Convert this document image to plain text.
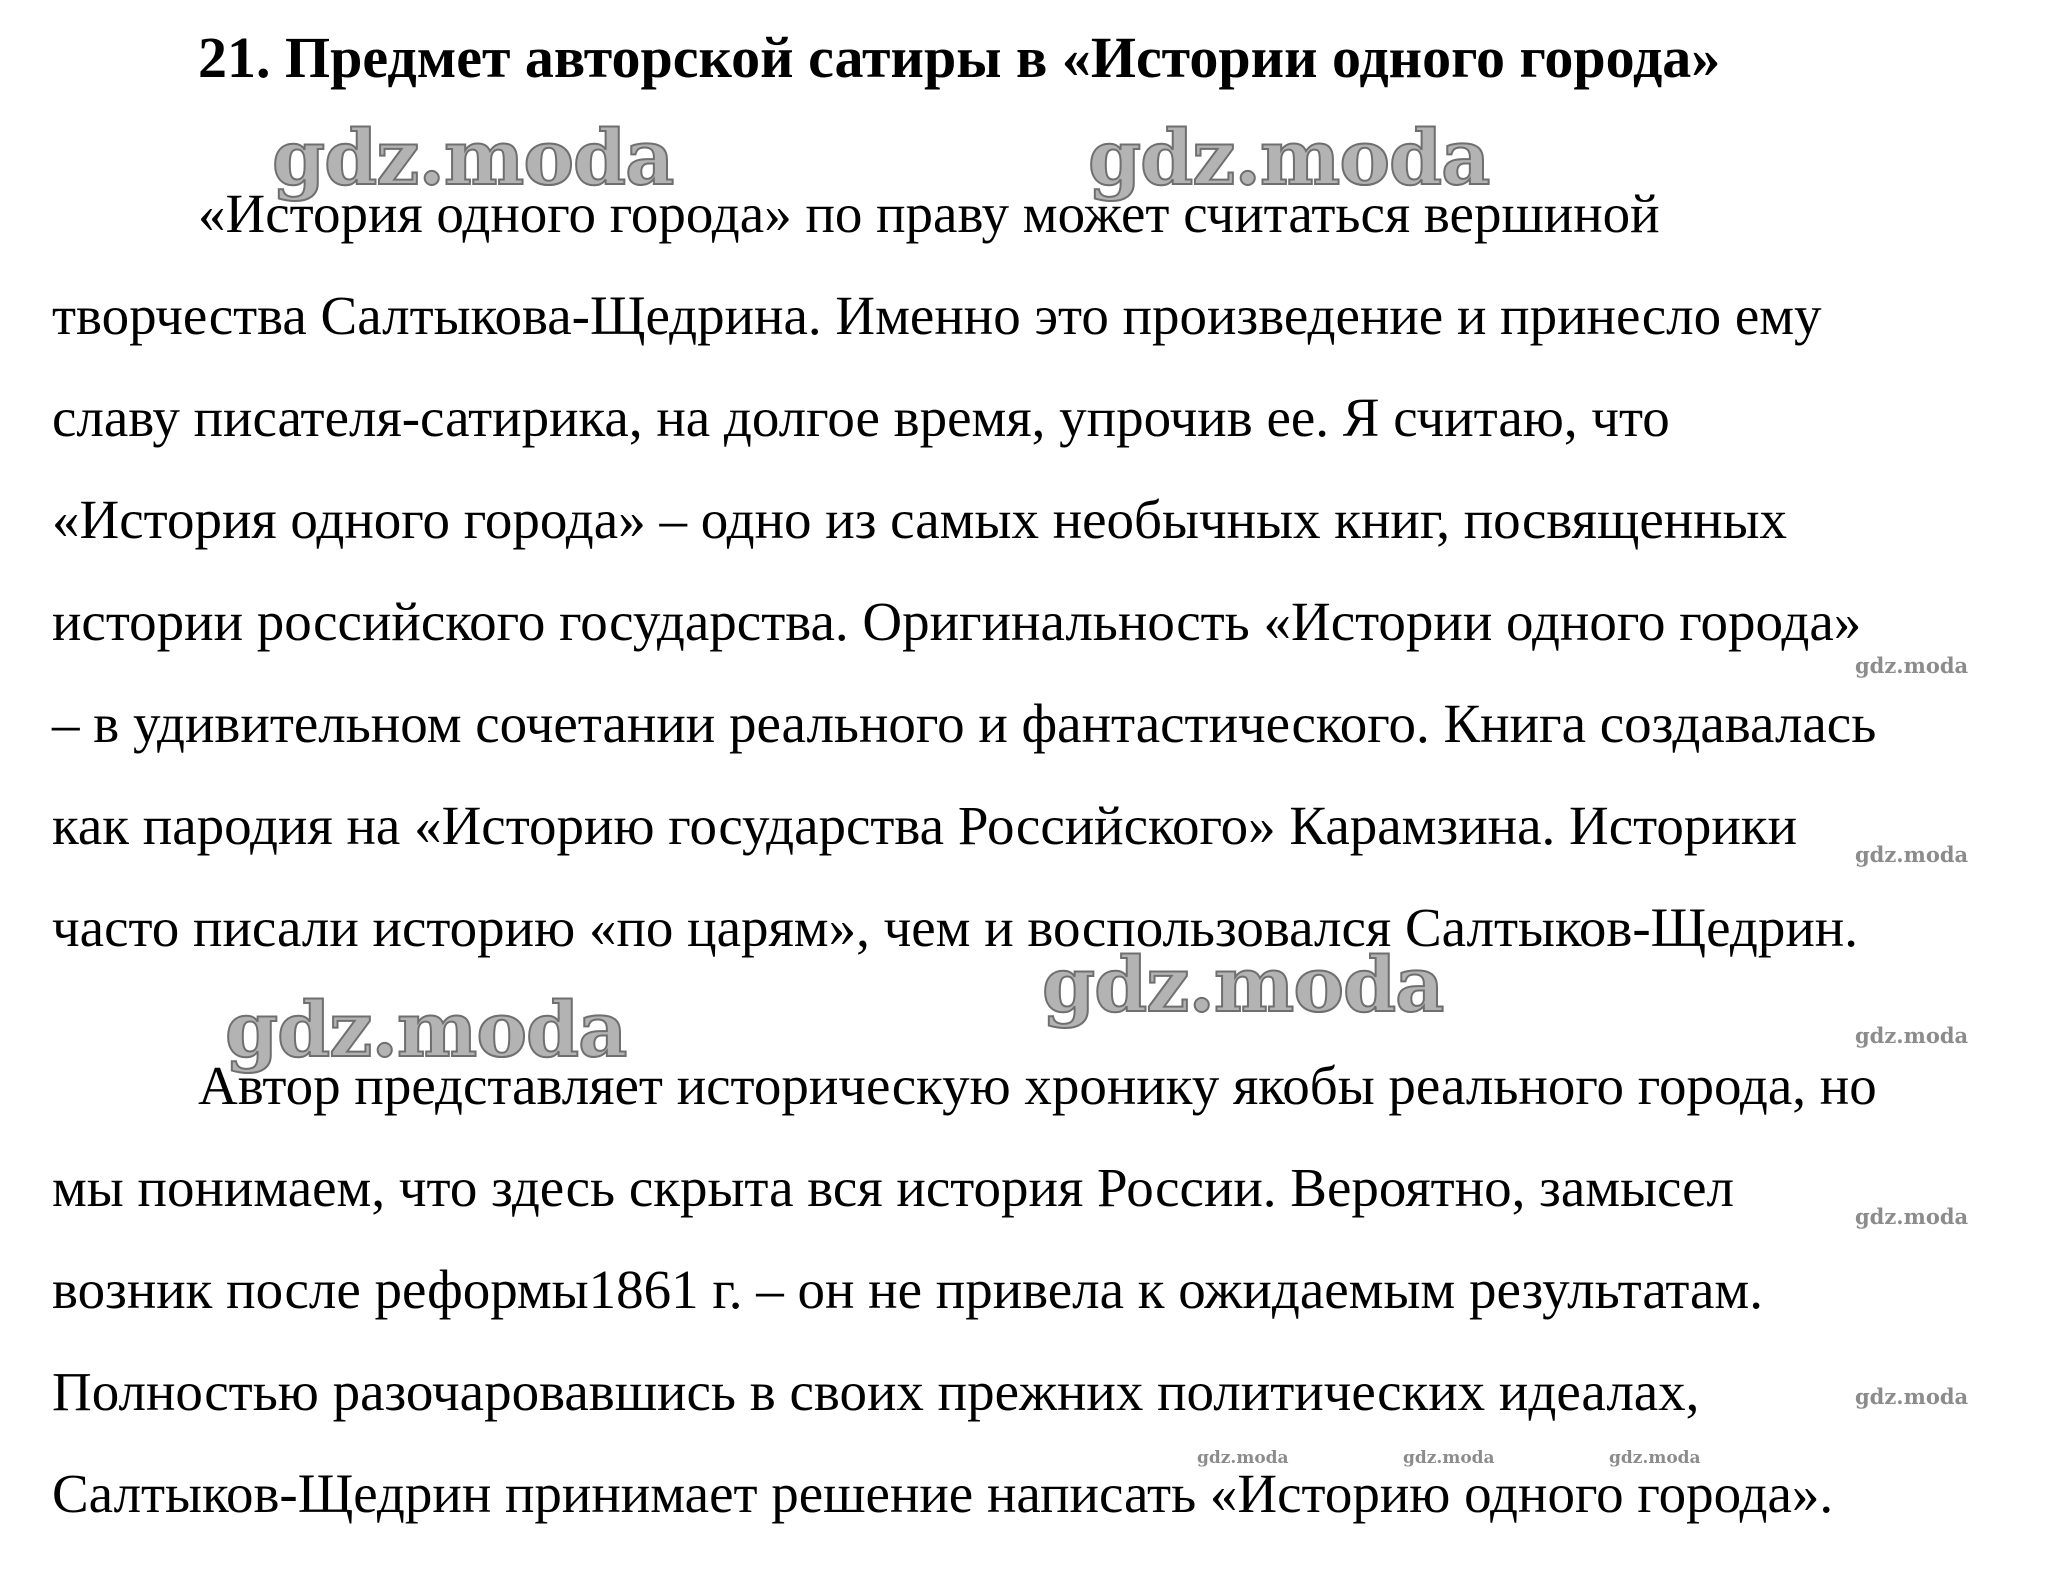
21. Предмет авторской сатиры в «Истории одного города»

«История одного города» по праву может считаться вершиной

творчества Салтыкова-Щедрина. Именно это произведение и принесло ему

славу писателя-сатирика, на долгое время, упрочив ее. Я считаю, что

«История одного города» – одно из самых необычных книг, посвященных

истории российского государства. Оригинальность «Истории одного города»

– в удивительном сочетании реального и фантастического. Книга создавалась

как пародия на «Историю государства Российского» Карамзина. Историки

часто писали историю «по царям», чем и воспользовался Салтыков-Щедрин.

Автор представляет историческую хронику якобы реального города, но

мы понимаем, что здесь скрыта вся история России. Вероятно, замысел

возник после реформы1861 г. – он не привела к ожидаемым результатам.

Полностью разочаровавшись в своих прежних политических идеалах,

Салтыков-Щедрин принимает решение написать «Историю одного города».

gdz.moda	gdz.moda
gdz.moda
gdz.moda
gdz.moda
gdz.moda
gdz.moda
gdz.moda
gdz.moda
gdz.moda	gdz.moda	gdz.moda
